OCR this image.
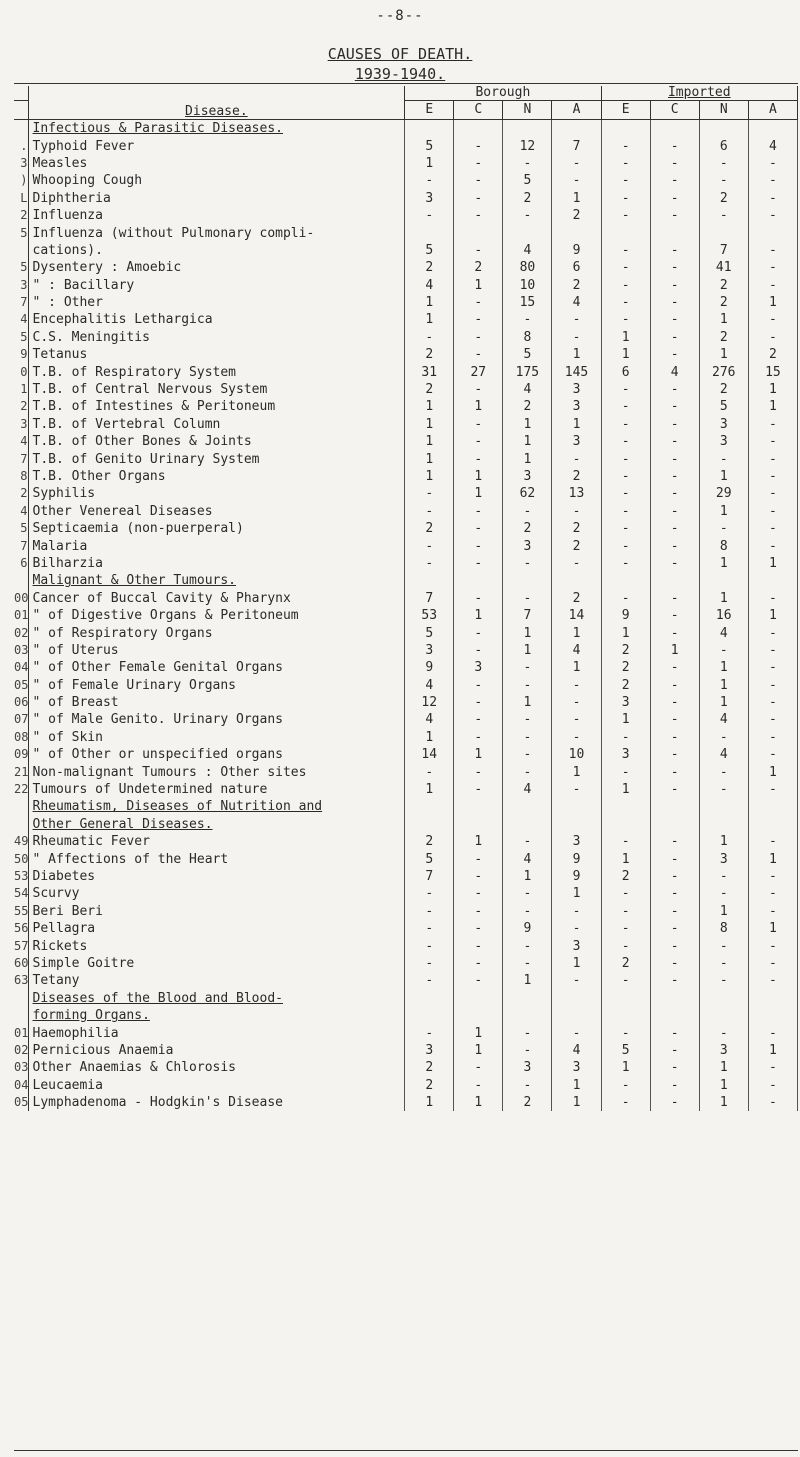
--8--
CAUSES OF DEATH.
1939-1940.
	Disease.	Borough				Imported			
		E	C	N	A	E	C	N	A
	Infectious & Parasitic Diseases.								
.	Typhoid Fever	5	-	12	7	-	-	6	4
3	Measles	1	-	-	-	-	-	-	-
)	Whooping Cough	-	-	5	-	-	-	-	-
L	Diphtheria	3	-	2	1	-	-	2	-
2	Influenza	-	-	-	2	-	-	-	-
5	Influenza (without Pulmonary compli-								
	cations).	5	-	4	9	-	-	7	-
5	Dysentery : Amoebic	2	2	80	6	-	-	41	-
3	" : Bacillary	4	1	10	2	-	-	2	-
7	" : Other	1	-	15	4	-	-	2	1
4	Encephalitis Lethargica	1	-	-	-	-	-	1	-
5	C.S. Meningitis	-	-	8	-	1	-	2	-
9	Tetanus	2	-	5	1	1	-	1	2
0	T.B. of Respiratory System	31	27	175	145	6	4	276	15
1	T.B. of Central Nervous System	2	-	4	3	-	-	2	1
2	T.B. of Intestines & Peritoneum	1	1	2	3	-	-	5	1
3	T.B. of Vertebral Column	1	-	1	1	-	-	3	-
4	T.B. of Other Bones & Joints	1	-	1	3	-	-	3	-
7	T.B. of Genito Urinary System	1	-	1	-	-	-	-	-
8	T.B. Other Organs	1	1	3	2	-	-	1	-
2	Syphilis	-	1	62	13	-	-	29	-
4	Other Venereal Diseases	-	-	-	-	-	-	1	-
5	Septicaemia (non-puerperal)	2	-	2	2	-	-	-	-
7	Malaria	-	-	3	2	-	-	8	-
6	Bilharzia	-	-	-	-	-	-	1	1
	Malignant & Other Tumours.								
00	Cancer of Buccal Cavity & Pharynx	7	-	-	2	-	-	1	-
01	" of Digestive Organs & Peritoneum	53	1	7	14	9	-	16	1
02	" of Respiratory Organs	5	-	1	1	1	-	4	-
03	" of Uterus	3	-	1	4	2	1	-	-
04	" of Other Female Genital Organs	9	3	-	1	2	-	1	-
05	" of Female Urinary Organs	4	-	-	-	2	-	1	-
06	" of Breast	12	-	1	-	3	-	1	-
07	" of Male Genito. Urinary Organs	4	-	-	-	1	-	4	-
08	" of Skin	1	-	-	-	-	-	-	-
09	" of Other or unspecified organs	14	1	-	10	3	-	4	-
21	Non-malignant Tumours : Other sites	-	-	-	1	-	-	-	1
22	Tumours of Undetermined nature	1	-	4	-	1	-	-	-
	Rheumatism, Diseases of Nutrition and								
	Other General Diseases.								
49	Rheumatic Fever	2	1	-	3	-	-	1	-
50	" Affections of the Heart	5	-	4	9	1	-	3	1
53	Diabetes	7	-	1	9	2	-	-	-
54	Scurvy	-	-	-	1	-	-	-	-
55	Beri Beri	-	-	-	-	-	-	1	-
56	Pellagra	-	-	9	-	-	-	8	1
57	Rickets	-	-	-	3	-	-	-	-
60	Simple Goitre	-	-	-	1	2	-	-	-
63	Tetany	-	-	1	-	-	-	-	-
	Diseases of the Blood and Blood-								
	forming Organs.								
01	Haemophilia	-	1	-	-	-	-	-	-
02	Pernicious Anaemia	3	1	-	4	5	-	3	1
03	Other Anaemias & Chlorosis	2	-	3	3	1	-	1	-
04	Leucaemia	2	-	-	1	-	-	1	-
05	Lymphadenoma - Hodgkin's Disease	1	1	2	1	-	-	1	-
